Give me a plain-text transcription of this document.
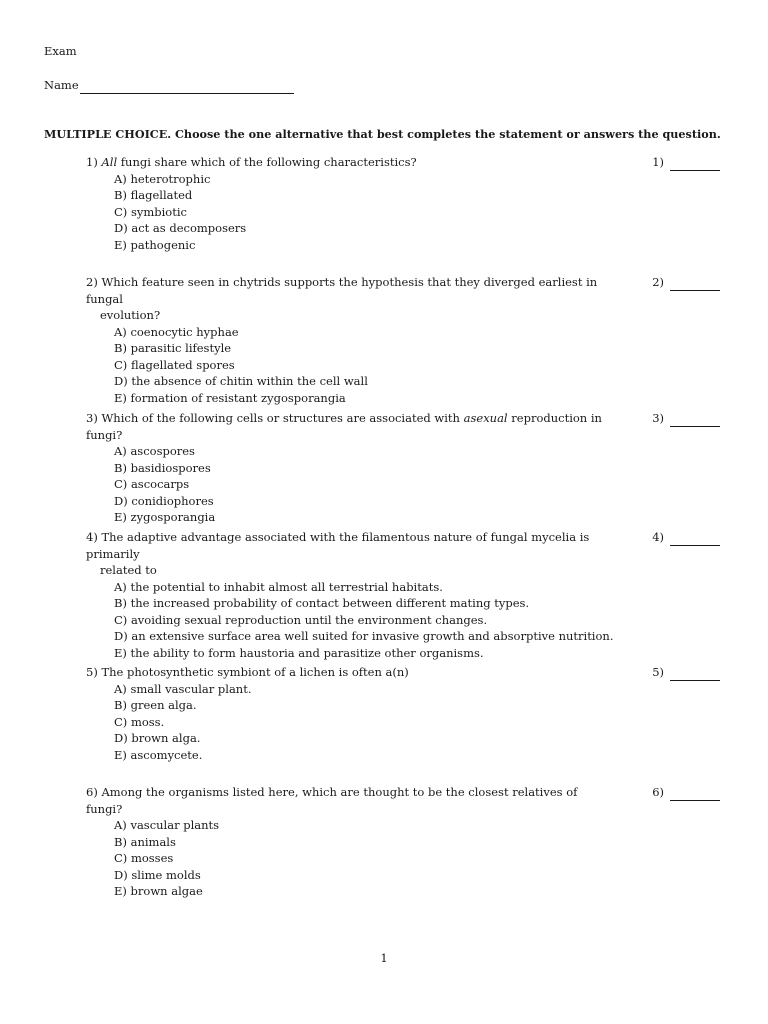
Exam
Name
MULTIPLE CHOICE. Choose the one alternative that best completes the statement or answers the question.
1) All fungi share which of the following characteristics?	1)
A) heterotrophic
B) flagellated
C) symbiotic
D) act as decomposers
E) pathogenic
2) Which feature seen in chytrids supports the hypothesis that they diverged earliest in fungal
evolution?
2)
A) coenocytic hyphae
B) parasitic lifestyle
C) flagellated spores
D) the absence of chitin within the cell wall
E) formation of resistant zygosporangia
3) Which of the following cells or structures are associated with asexual reproduction in fungi?
3)
A) ascospores
B) basidiospores
C) ascocarps
D) conidiophores
E) zygosporangia
4) The adaptive advantage associated with the filamentous nature of fungal mycelia is primarily
related to
4)
A) the potential to inhabit almost all terrestrial habitats.
B) the increased probability of contact between different mating types.
C) avoiding sexual reproduction until the environment changes.
D) an extensive surface area well suited for invasive growth and absorptive nutrition.
E) the ability to form haustoria and parasitize other organisms.
5) The photosynthetic symbiont of a lichen is often a(n)	5)
A) small vascular plant.
B) green alga.
C) moss.
D) brown alga.
E) ascomycete.
6) Among the organisms listed here, which are thought to be the closest relatives of fungi?
6)
A) vascular plants
B) animals
C) mosses
D) slime molds
E) brown algae
1
